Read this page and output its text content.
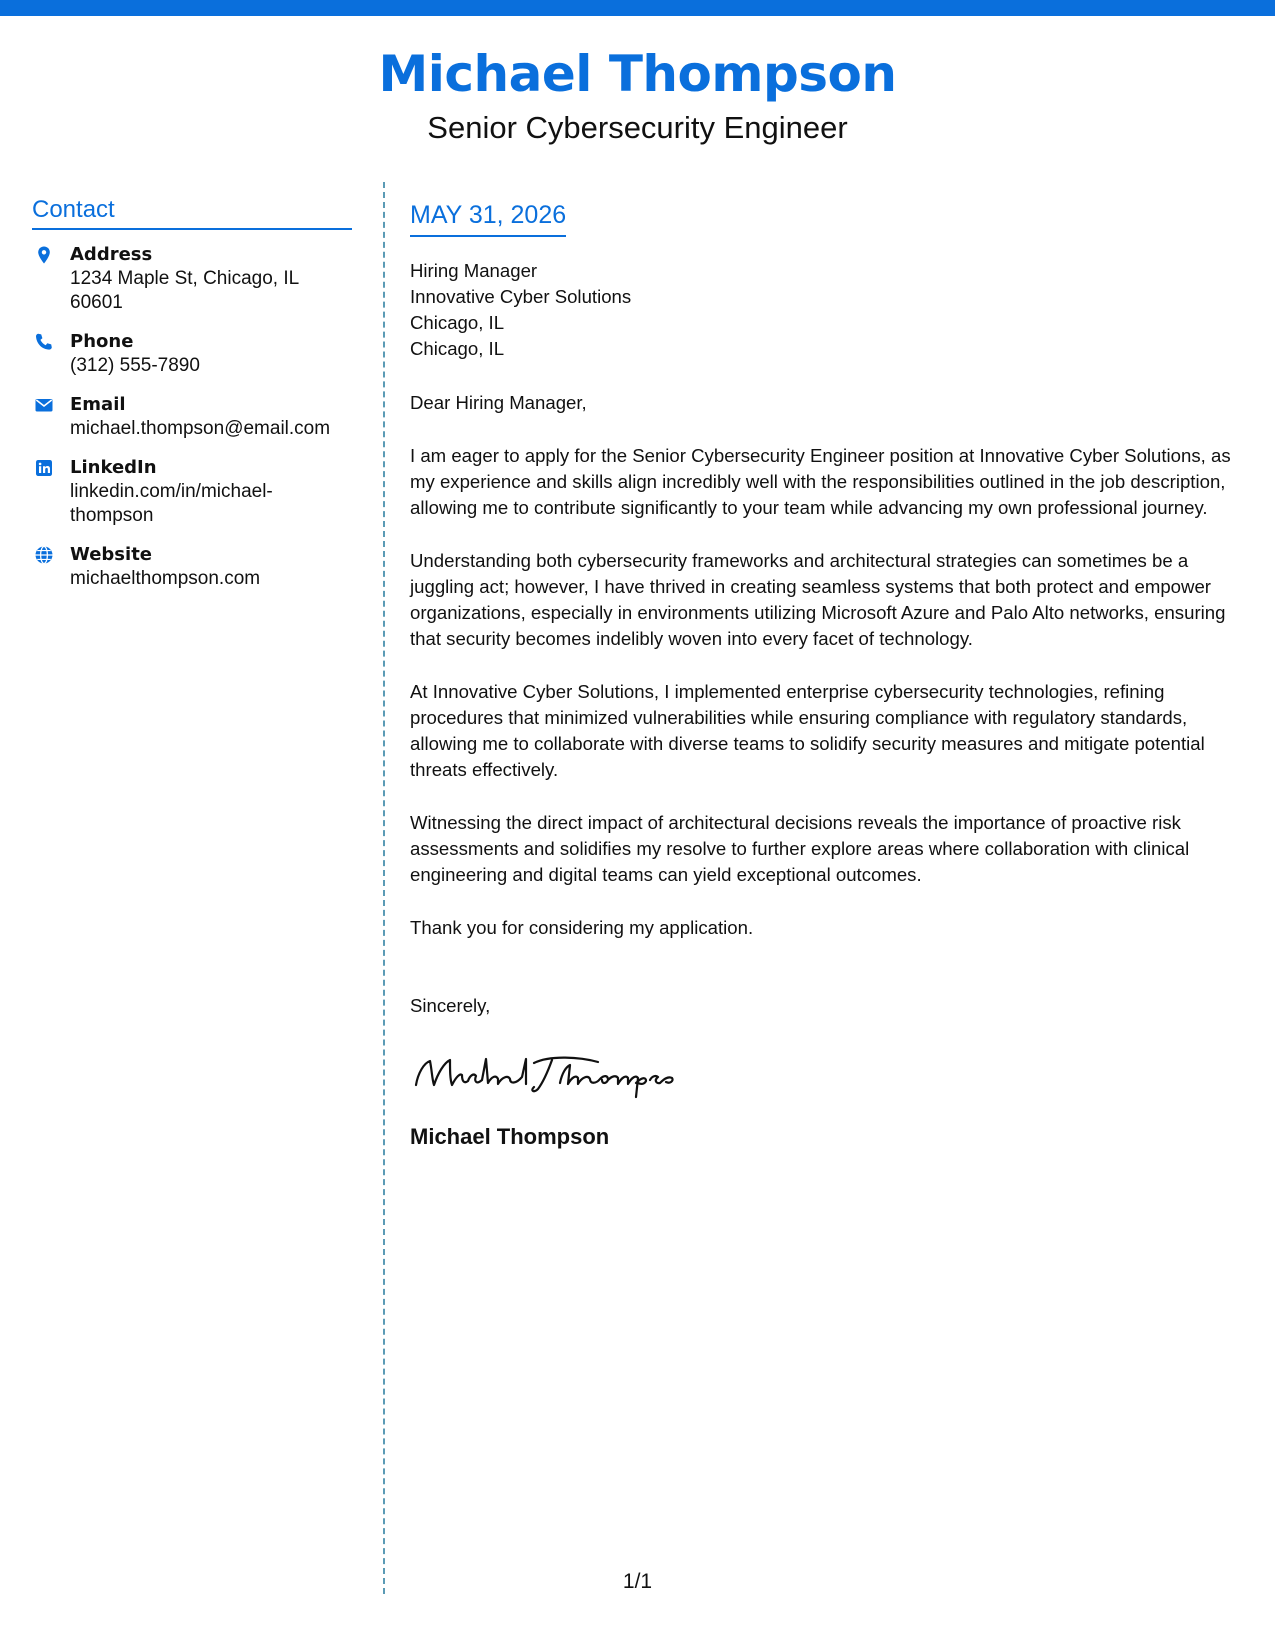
Michael Thompson
Senior Cybersecurity Engineer
Contact
Address
1234 Maple St, Chicago, IL 60601
Phone
(312) 555-7890
Email
michael.thompson@email.com
LinkedIn
linkedin.com/in/michael-thompson
Website
michaelthompson.com
MAY 31, 2026
Hiring Manager
Innovative Cyber Solutions
Chicago, IL
Chicago, IL
Dear Hiring Manager,
I am eager to apply for the Senior Cybersecurity Engineer position at Innovative Cyber Solutions, as my experience and skills align incredibly well with the responsibilities outlined in the job description, allowing me to contribute significantly to your team while advancing my own professional journey.
Understanding both cybersecurity frameworks and architectural strategies can sometimes be a juggling act; however, I have thrived in creating seamless systems that both protect and empower organizations, especially in environments utilizing Microsoft Azure and Palo Alto networks, ensuring that security becomes indelibly woven into every facet of technology.
At Innovative Cyber Solutions, I implemented enterprise cybersecurity technologies, refining procedures that minimized vulnerabilities while ensuring compliance with regulatory standards, allowing me to collaborate with diverse teams to solidify security measures and mitigate potential threats effectively.
Witnessing the direct impact of architectural decisions reveals the importance of proactive risk assessments and solidifies my resolve to further explore areas where collaboration with clinical engineering and digital teams can yield exceptional outcomes.
Thank you for considering my application.
Sincerely,
Michael Thompson
1/1
